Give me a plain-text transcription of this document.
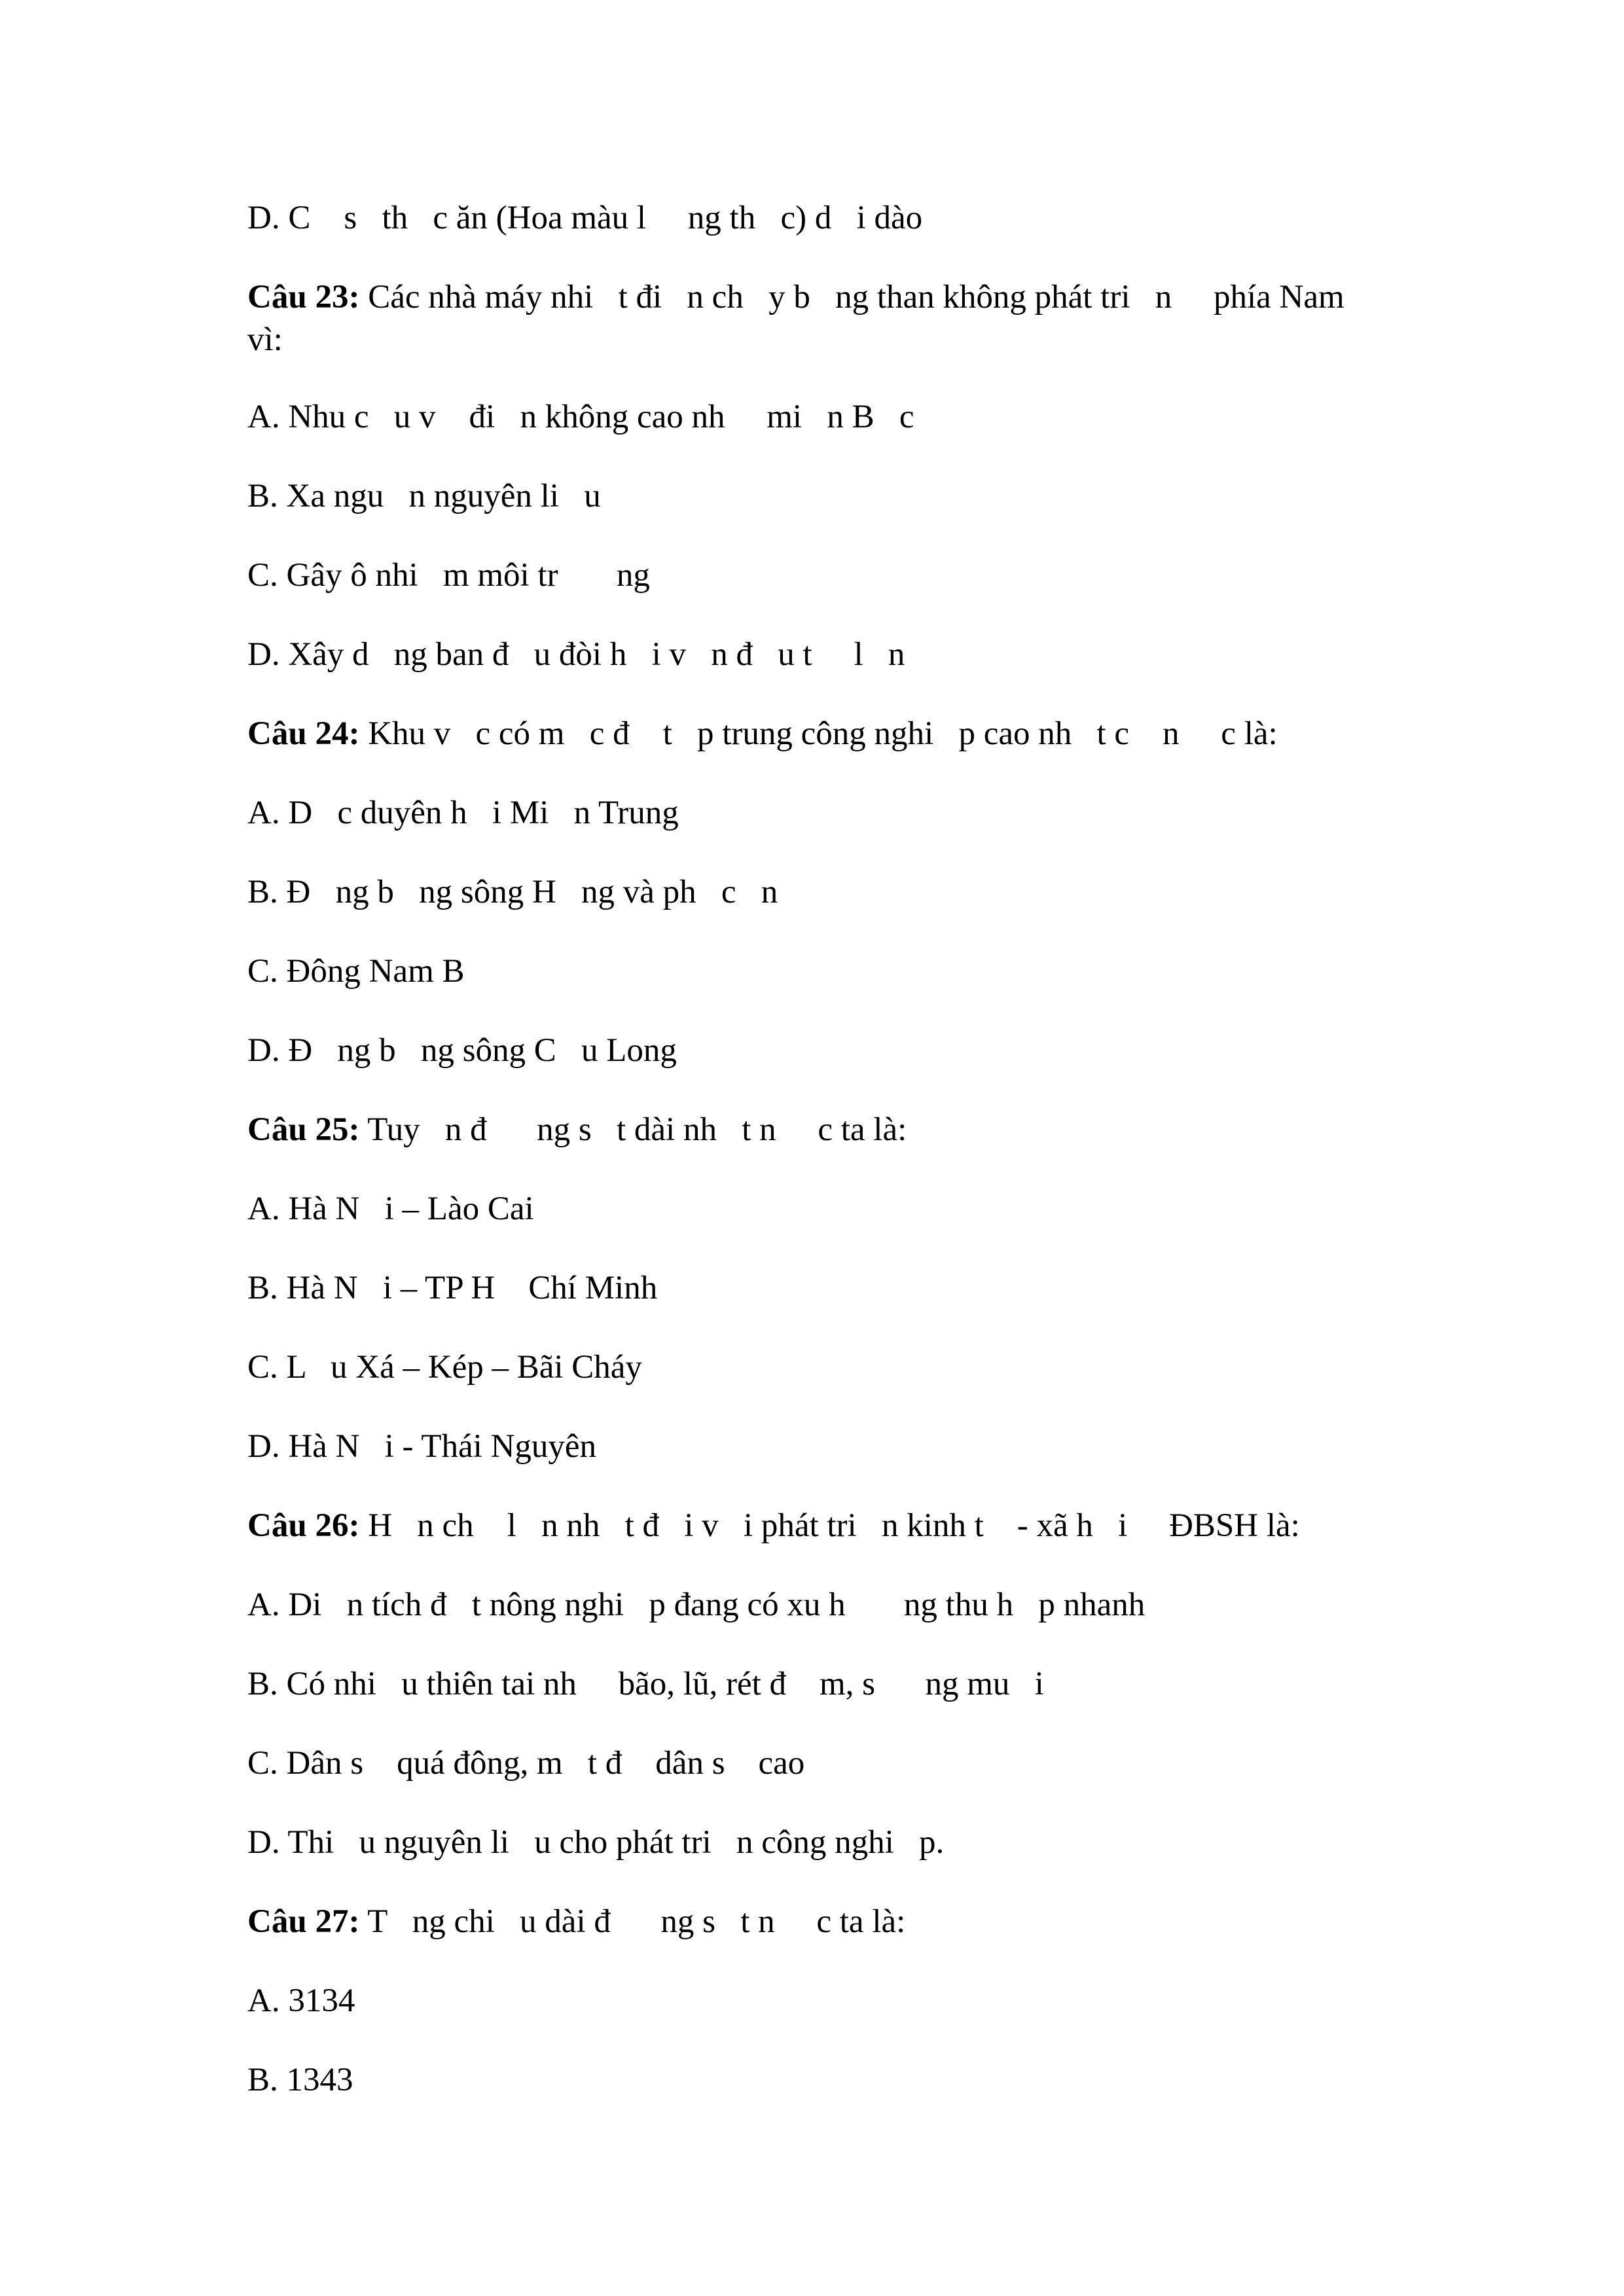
D. C    s   th   c ăn (Hoa màu l     ng th   c) d   i dào
Câu 23: Các nhà máy nhi   t đi   n ch   y b   ng than không phát tri   n     phía Nam
vì:
A. Nhu c   u v    đi   n không cao nh     mi   n B   c
B. Xa ngu   n nguyên li   u
C. Gây ô nhi   m môi tr       ng
D. Xây d   ng ban đ   u đòi h   i v   n đ   u t     l   n
Câu 24: Khu v   c có m   c đ    t   p trung công nghi   p cao nh   t c    n     c là:
A. D   c duyên h   i Mi   n Trung
B. Đ   ng b   ng sông H   ng và ph   c   n
C. Đông Nam B
D. Đ   ng b   ng sông C   u Long
Câu 25: Tuy   n đ      ng s   t dài nh   t n     c ta là:
A. Hà N   i – Lào Cai
B. Hà N   i – TP H    Chí Minh
C. L   u Xá – Kép – Bãi Cháy
D. Hà N   i - Thái Nguyên
Câu 26: H   n ch    l   n nh   t đ   i v   i phát tri   n kinh t    - xã h   i     ĐBSH là:
A. Di   n tích đ   t nông nghi   p đang có xu h       ng thu h   p nhanh
B. Có nhi   u thiên tai nh     bão, lũ, rét đ    m, s      ng mu   i
C. Dân s    quá đông, m   t đ    dân s    cao
D. Thi   u nguyên li   u cho phát tri   n công nghi   p.
Câu 27: T   ng chi   u dài đ      ng s   t n     c ta là:
A. 3134
B. 1343
